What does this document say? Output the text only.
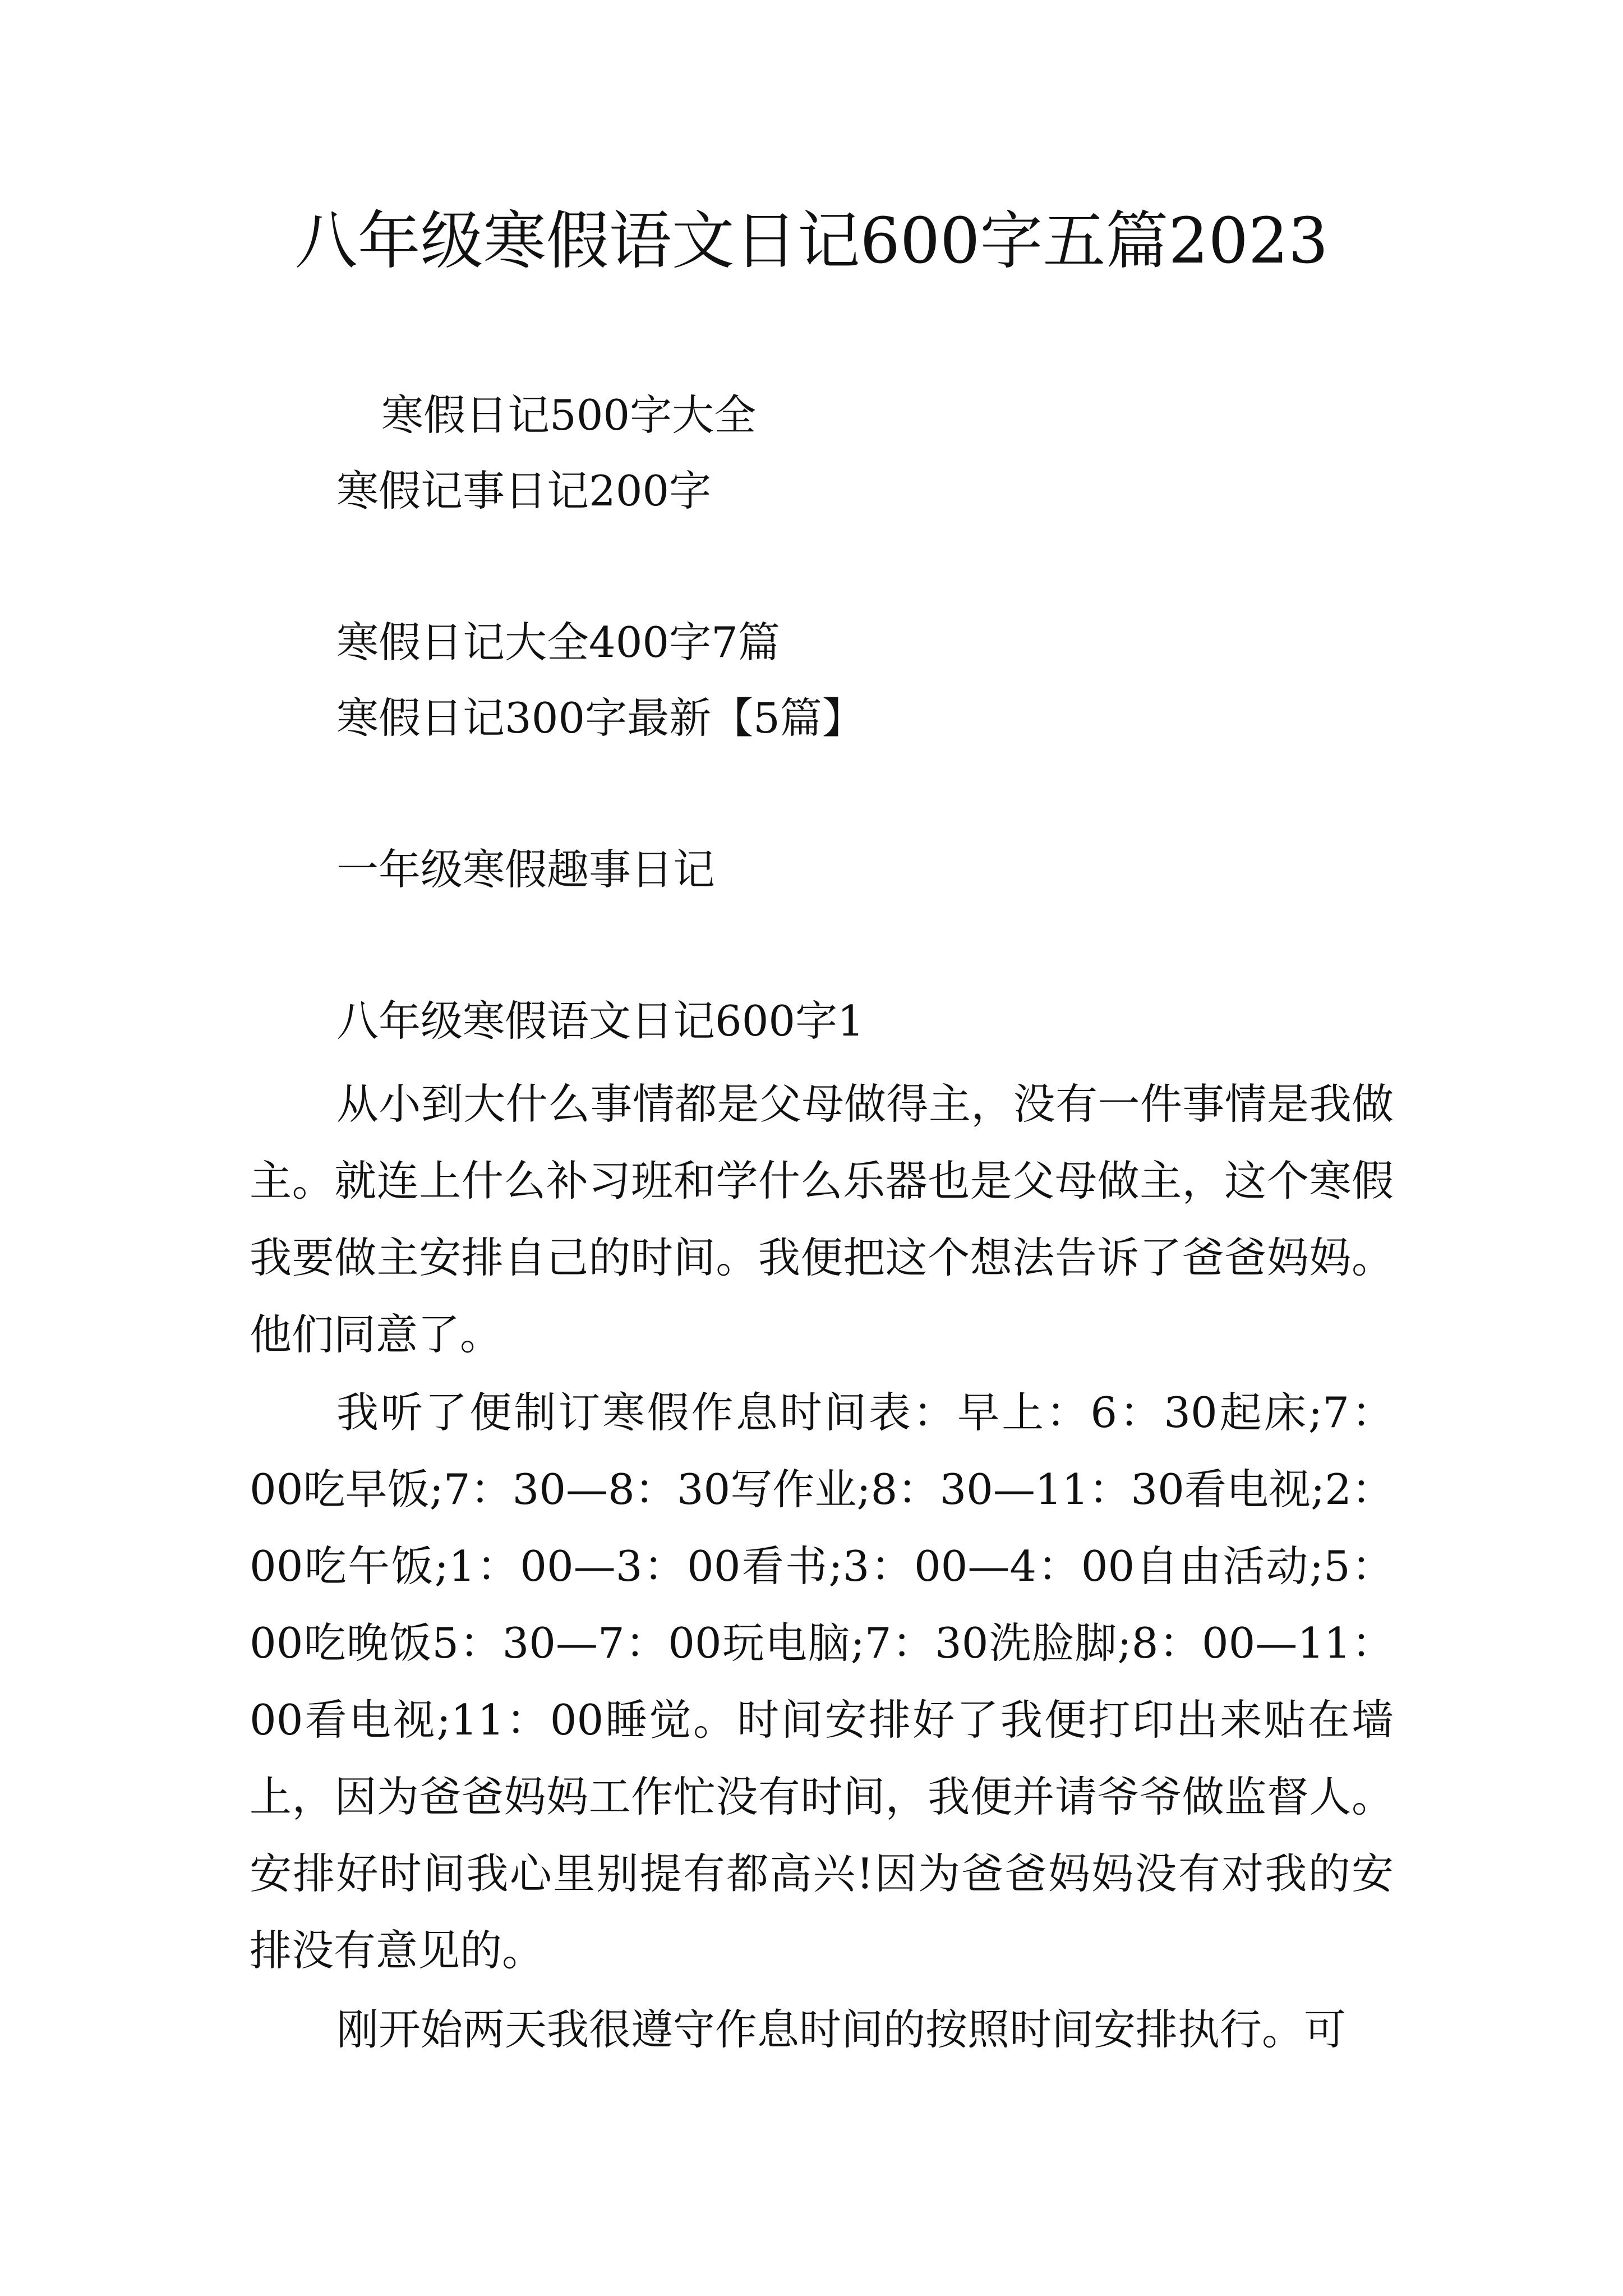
八年级寒假语文日记600字五篇2023
寒假日记500字大全
寒假记事日记200字
寒假日记大全400字7篇
寒假日记300字最新【5篇】
一年级寒假趣事日记
八年级寒假语文日记600字1

从小到大什么事情都是父母做得主，没有一件事情是我做主。就连上什么补习班和学什么乐器也是父母做主，这个寒假我要做主安排自己的时间。我便把这个想法告诉了爸爸妈妈。他们同意了。

我听了便制订寒假作息时间表：早上：6：30起床;7：00吃早饭;7：30—8：30写作业;8：30—11：30看电视;2：00吃午饭;1：00—3：00看书;3：00—4：00自由活动;5：00吃晚饭5：30—7：00玩电脑;7：30洗脸脚;8：00—11：00看电视;11：00睡觉。时间安排好了我便打印出来贴在墙上，因为爸爸妈妈工作忙没有时间，我便并请爷爷做监督人。安排好时间我心里别提有都高兴!因为爸爸妈妈没有对我的安排没有意见的。

刚开始两天我很遵守作息时间的按照时间安排执行。可
